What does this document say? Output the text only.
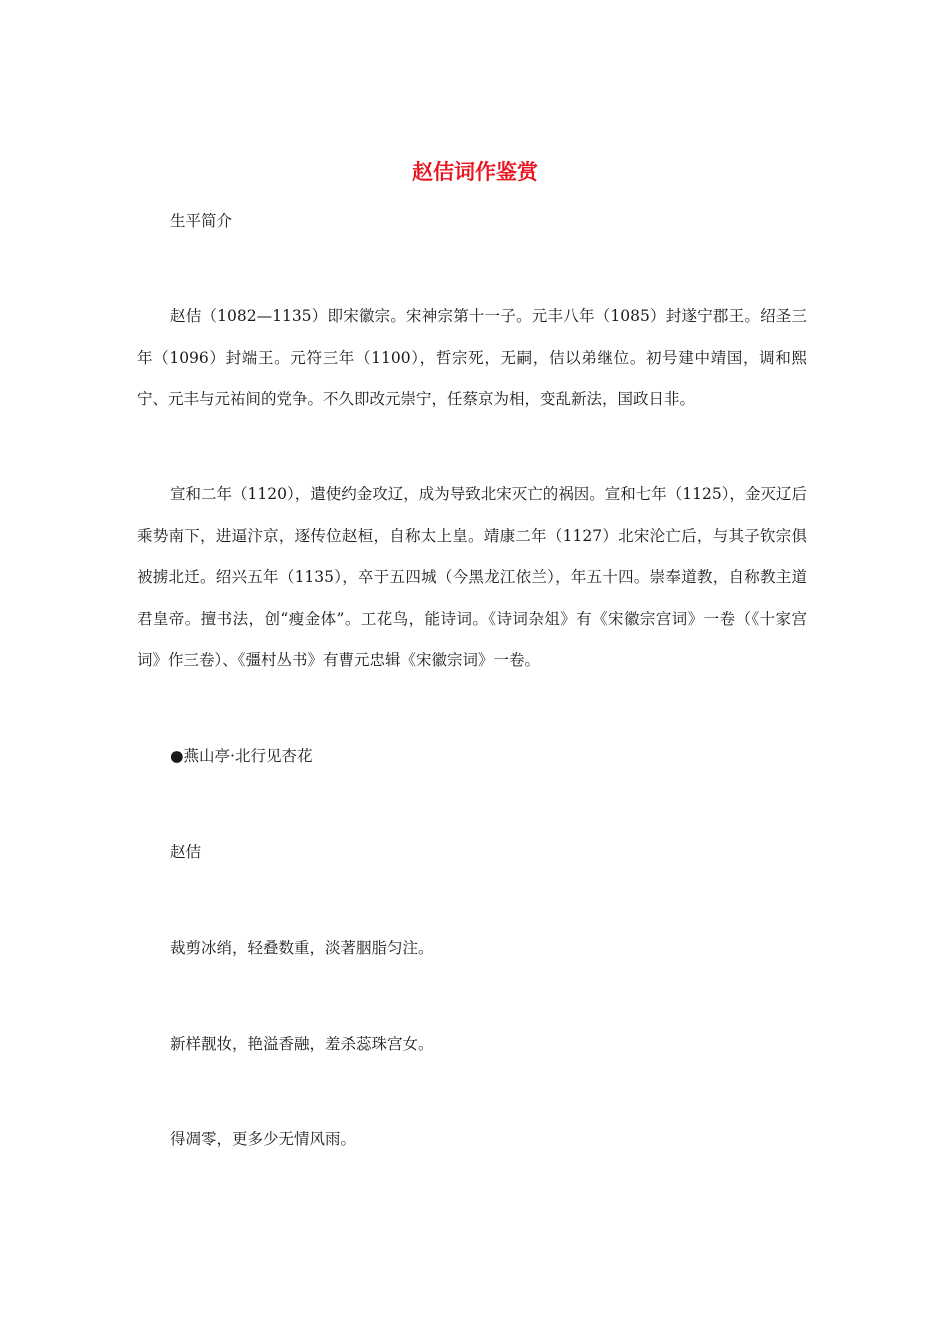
赵佶词作鉴赏

生平简介

赵佶（1082—1135）即宋徽宗。宋神宗第十一子。元丰八年（1085）封遂宁郡王。绍圣三年（1096）封端王。元符三年（1100），哲宗死，无嗣，佶以弟继位。初号建中靖国，调和熙宁、元丰与元祐间的党争。不久即改元崇宁，任蔡京为相，变乱新法，国政日非。

宣和二年（1120），遣使约金攻辽，成为导致北宋灭亡的祸因。宣和七年（1125），金灭辽后乘势南下，进逼汴京，逐传位赵桓，自称太上皇。靖康二年（1127）北宋沦亡后，与其子钦宗俱被掳北迁。绍兴五年（1135），卒于五四城（今黑龙江依兰），年五十四。崇奉道教，自称教主道君皇帝。擅书法，创“瘦金体”。工花鸟，能诗词。《诗词杂俎》有《宋徽宗宫词》一卷（《十家宫词》作三卷）、《彊村丛书》有曹元忠辑《宋徽宗词》一卷。

●燕山亭·北行见杏花

赵佶

裁剪冰绡，轻叠数重，淡著胭脂匀注。

新样靓妆，艳溢香融，羞杀蕊珠宫女。

得凋零，更多少无情风雨。
